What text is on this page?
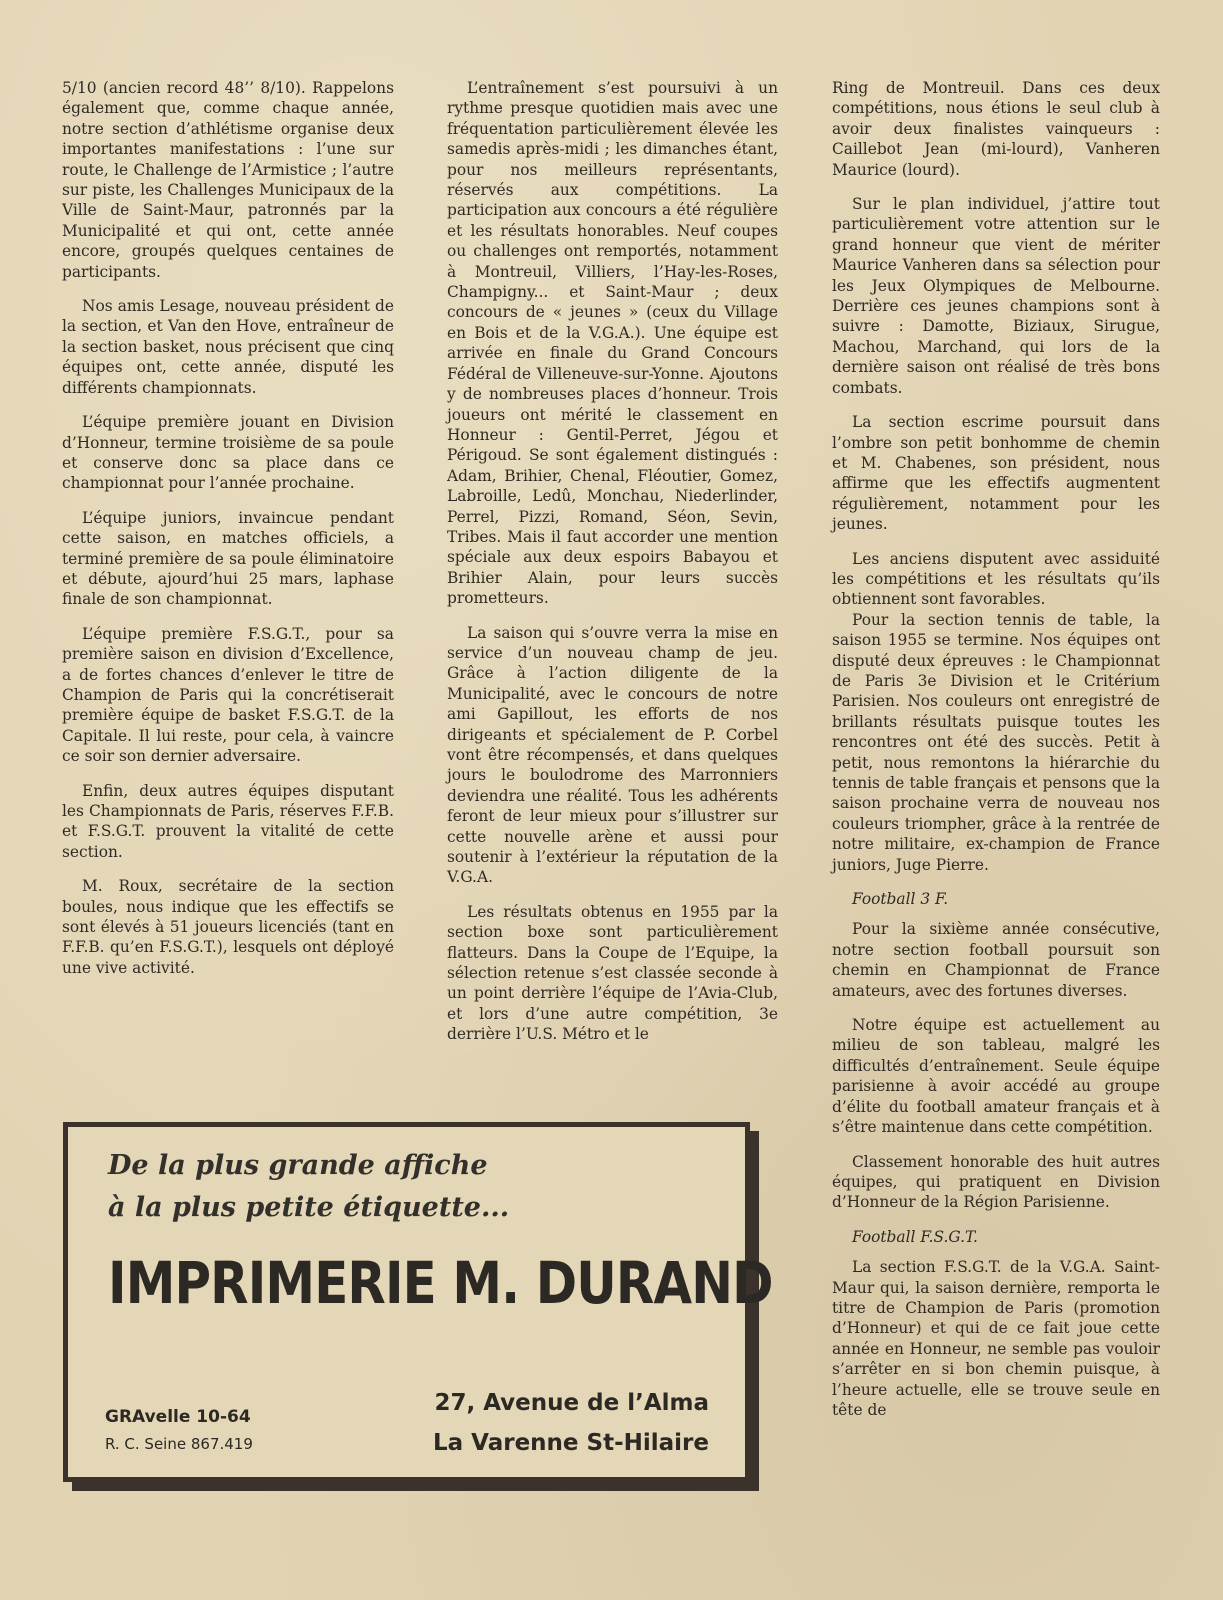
5/10 (ancien record 48’’ 8/10). Rappelons également que, comme chaque année, notre section d’athlétisme organise deux importantes manifestations : l’une sur route, le Challenge de l’Armistice ; l’autre sur piste, les Challenges Municipaux de la Ville de Saint-Maur, patronnés par la Municipalité et qui ont, cette année encore, groupés quelques centaines de participants.

Nos amis Lesage, nouveau président de la section, et Van den Hove, entraîneur de la section basket, nous précisent que cinq équipes ont, cette année, disputé les différents championnats.

L’équipe première jouant en Division d’Honneur, termine troisième de sa poule et conserve donc sa place dans ce championnat pour l’année prochaine.

L’équipe juniors, invaincue pendant cette saison, en matches officiels, a terminé première de sa poule éliminatoire et débute, ajourd’hui 25 mars, laphase finale de son championnat.

L’équipe première F.S.G.T., pour sa première saison en division d’Excellence, a de fortes chances d’enlever le titre de Champion de Paris qui la concrétiserait première équipe de basket F.S.G.T. de la Capitale. Il lui reste, pour cela, à vaincre ce soir son dernier adversaire.

Enfin, deux autres équipes disputant les Championnats de Paris, réserves F.F.B. et F.S.G.T. prouvent la vitalité de cette section.

M. Roux, secrétaire de la section boules, nous indique que les effectifs se sont élevés à 51 joueurs licenciés (tant en F.F.B. qu’en F.S.G.T.), lesquels ont déployé une vive activité.

L’entraînement s’est poursuivi à un rythme presque quotidien mais avec une fréquentation particulièrement élevée les samedis après-midi ; les dimanches étant, pour nos meilleurs représentants, réservés aux compétitions. La participation aux concours a été régulière et les résultats honorables. Neuf coupes ou challenges ont remportés, notamment à Montreuil, Villiers, l’Hay-les-Roses, Champigny... et Saint-Maur ; deux concours de « jeunes » (ceux du Village en Bois et de la V.G.A.). Une équipe est arrivée en finale du Grand Concours Fédéral de Villeneuve-sur-Yonne. Ajoutons y de nombreuses places d’honneur. Trois joueurs ont mérité le classement en Honneur : Gentil-Perret, Jégou et Périgoud. Se sont également distingués : Adam, Brihier, Chenal, Fléoutier, Gomez, Labroille, Ledû, Monchau, Niederlinder, Perrel, Pizzi, Romand, Séon, Sevin, Tribes. Mais il faut accorder une mention spéciale aux deux espoirs Babayou et Brihier Alain, pour leurs succès prometteurs.

La saison qui s’ouvre verra la mise en service d’un nouveau champ de jeu. Grâce à l’action diligente de la Municipalité, avec le concours de notre ami Gapillout, les efforts de nos dirigeants et spécialement de P. Corbel vont être récompensés, et dans quelques jours le boulodrome des Marronniers deviendra une réalité. Tous les adhérents feront de leur mieux pour s’illustrer sur cette nouvelle arène et aussi pour soutenir à l’extérieur la réputation de la V.G.A.

Les résultats obtenus en 1955 par la section boxe sont particulièrement flatteurs. Dans la Coupe de l’Equipe, la sélection retenue s’est classée seconde à un point derrière l’équipe de l’Avia-Club, et lors d’une autre compétition, 3e derrière l’U.S. Métro et le

Ring de Montreuil. Dans ces deux compétitions, nous étions le seul club à avoir deux finalistes vainqueurs : Caillebot Jean (mi-lourd), Vanheren Maurice (lourd).

Sur le plan individuel, j’attire tout particulièrement votre attention sur le grand honneur que vient de mériter Maurice Vanheren dans sa sélection pour les Jeux Olympiques de Melbourne. Derrière ces jeunes champions sont à suivre : Damotte, Biziaux, Sirugue, Machou, Marchand, qui lors de la dernière saison ont réalisé de très bons combats.

La section escrime poursuit dans l’ombre son petit bonhomme de chemin et M. Chabenes, son président, nous affirme que les effectifs augmentent régulièrement, notamment pour les jeunes.

Les anciens disputent avec assiduité les compétitions et les résultats qu’ils obtiennent sont favorables.

Pour la section tennis de table, la saison 1955 se termine. Nos équipes ont disputé deux épreuves : le Championnat de Paris 3e Division et le Critérium Parisien. Nos couleurs ont enregistré de brillants résultats puisque toutes les rencontres ont été des succès. Petit à petit, nous remontons la hiérarchie du tennis de table français et pensons que la saison prochaine verra de nouveau nos couleurs triompher, grâce à la rentrée de notre militaire, ex-champion de France juniors, Juge Pierre.

Football 3 F.

Pour la sixième année consécutive, notre section football poursuit son chemin en Championnat de France amateurs, avec des fortunes diverses.

Notre équipe est actuellement au milieu de son tableau, malgré les difficultés d’entraînement. Seule équipe parisienne à avoir accédé au groupe d’élite du football amateur français et à s’être maintenue dans cette compétition.

Classement honorable des huit autres équipes, qui pratiquent en Division d’Honneur de la Région Parisienne.

Football F.S.G.T.

La section F.S.G.T. de la V.G.A. Saint-Maur qui, la saison dernière, remporta le titre de Champion de Paris (promotion d’Honneur) et qui de ce fait joue cette année en Honneur, ne semble pas vouloir s’arrêter en si bon chemin puisque, à l’heure actuelle, elle se trouve seule en tête de

De la plus grande affiche
à la plus petite étiquette...
IMPRIMERIE M. DURAND
GRAvelle 10-64
R. C. Seine 867.419
27, Avenue de l’Alma
La Varenne St-Hilaire
